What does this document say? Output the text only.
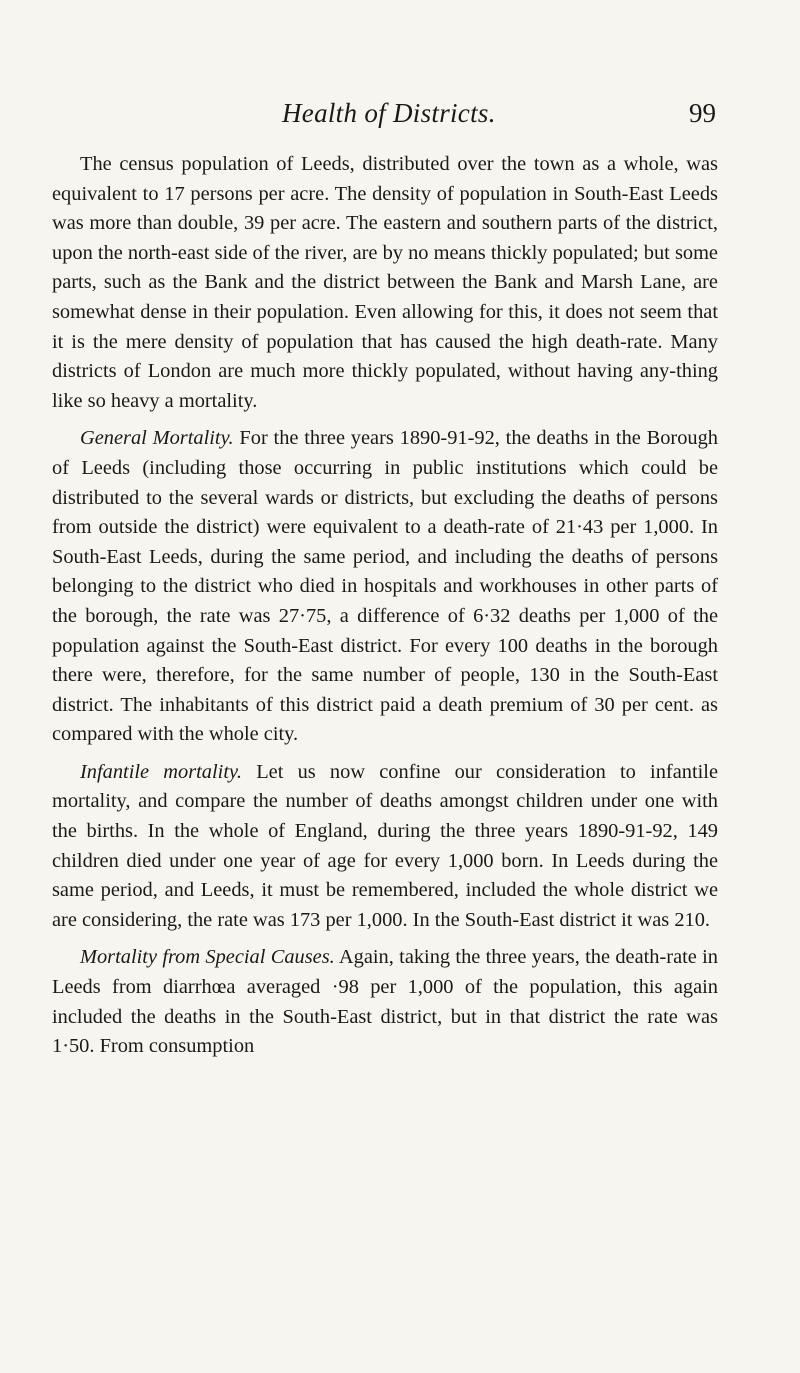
Health of Districts.	99

The census population of Leeds, distributed over the town as a whole, was equivalent to 17 persons per acre. The density of population in South-East Leeds was more than double, 39 per acre. The eastern and southern parts of the district, upon the north-east side of the river, are by no means thickly populated; but some parts, such as the Bank and the district between the Bank and Marsh Lane, are somewhat dense in their population. Even allowing for this, it does not seem that it is the mere density of population that has caused the high death-rate. Many districts of London are much more thickly populated, without having any-thing like so heavy a mortality.

General Mortality. For the three years 1890-91-92, the deaths in the Borough of Leeds (including those occurring in public institutions which could be distributed to the several wards or districts, but excluding the deaths of persons from outside the district) were equivalent to a death-rate of 21·43 per 1,000. In South-East Leeds, during the same period, and including the deaths of persons belonging to the district who died in hospitals and workhouses in other parts of the borough, the rate was 27·75, a difference of 6·32 deaths per 1,000 of the population against the South-East district. For every 100 deaths in the borough there were, therefore, for the same number of people, 130 in the South-East district. The inhabitants of this district paid a death premium of 30 per cent. as compared with the whole city.

Infantile mortality. Let us now confine our consideration to infantile mortality, and compare the number of deaths amongst children under one with the births. In the whole of England, during the three years 1890-91-92, 149 children died under one year of age for every 1,000 born. In Leeds during the same period, and Leeds, it must be remembered, included the whole district we are considering, the rate was 173 per 1,000. In the South-East district it was 210.

Mortality from Special Causes. Again, taking the three years, the death-rate in Leeds from diarrhœa averaged ·98 per 1,000 of the population, this again included the deaths in the South-East district, but in that district the rate was 1·50. From consumption
